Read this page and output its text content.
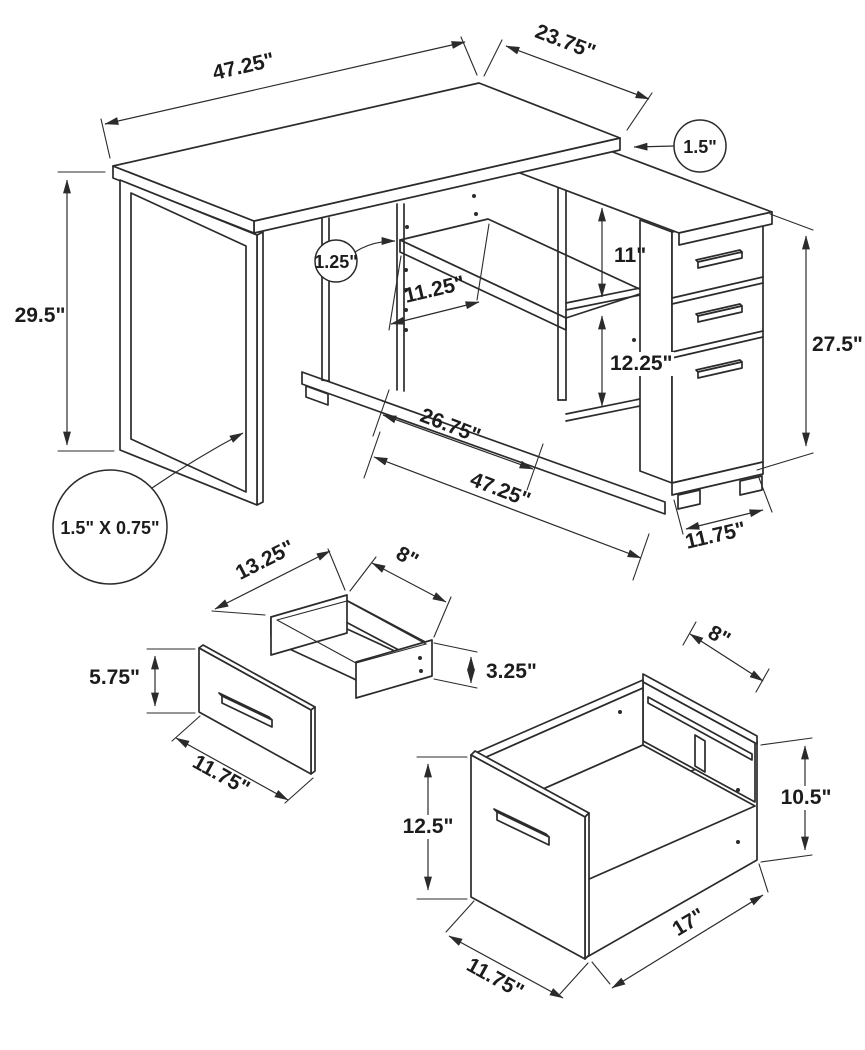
47.25"
23.75"
1.5"
29.5"
1.25"
11.25"
11"
12.25"
27.5"
26.75"
47.25"
11.75"
1.5" X 0.75"
13.25"	8"
3.25"
5.75"
11.75"
8"
10.5"
12.5"
11.75"
17"
